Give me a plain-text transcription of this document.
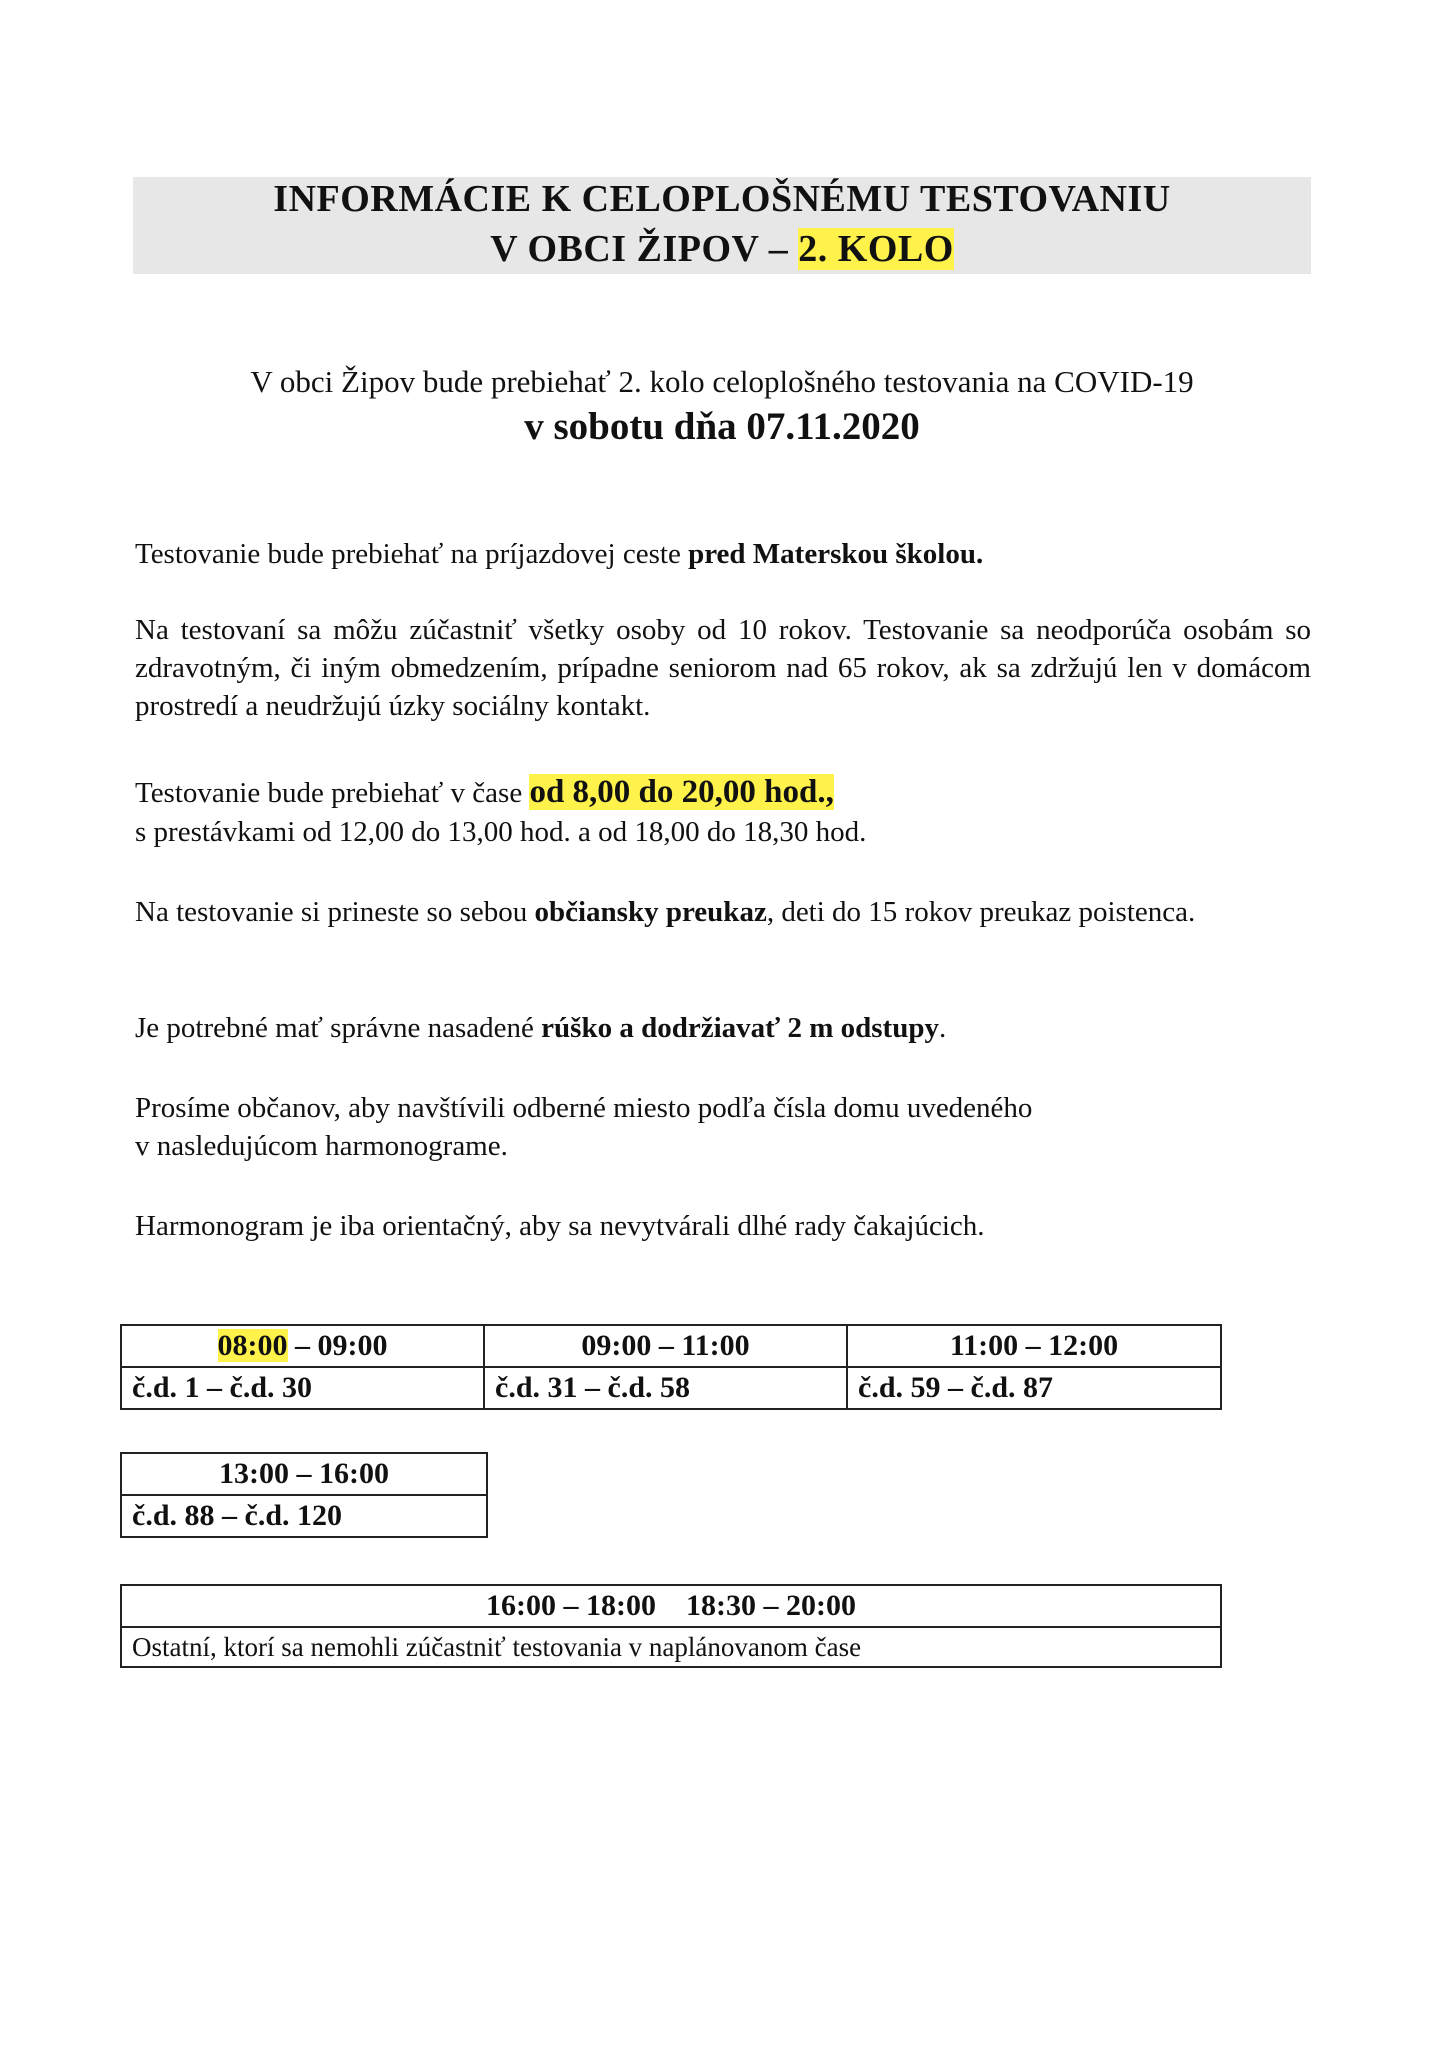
INFORMÁCIE K CELOPLOŠNÉMU TESTOVANIU
V OBCI ŽIPOV – 2. KOLO
V obci Žipov bude prebiehať 2. kolo celoplošného testovania na COVID-19
v sobotu dňa 07.11.2020
Testovanie bude prebiehať na príjazdovej ceste pred Materskou školou.
Na testovaní sa môžu zúčastniť všetky osoby od 10 rokov. Testovanie sa neodporúča osobám so zdravotným, či iným obmedzením, prípadne seniorom nad 65 rokov, ak sa zdržujú len v domácom prostredí a neudržujú úzky sociálny kontakt.
Testovanie bude prebiehať v čase od 8,00 do 20,00 hod.,
s prestávkami od 12,00 do 13,00 hod. a od 18,00 do 18,30 hod.
Na testovanie si prineste so sebou občiansky preukaz, deti do 15 rokov preukaz poistenca.
Je potrebné mať správne nasadené rúško a dodržiavať 2 m odstupy.
Prosíme občanov, aby navštívili odberné miesto podľa čísla domu uvedeného
v nasledujúcom harmonograme.
Harmonogram je iba orientačný, aby sa nevytvárali dlhé rady čakajúcich.
08:00 – 09:00	09:00 – 11:00	11:00 – 12:00
č.d. 1 – č.d. 30	č.d. 31 – č.d. 58	č.d. 59 – č.d. 87
13:00 – 16:00
č.d. 88 – č.d. 120
16:00 – 18:00    18:30 – 20:00
Ostatní, ktorí sa nemohli zúčastniť testovania v naplánovanom čase
